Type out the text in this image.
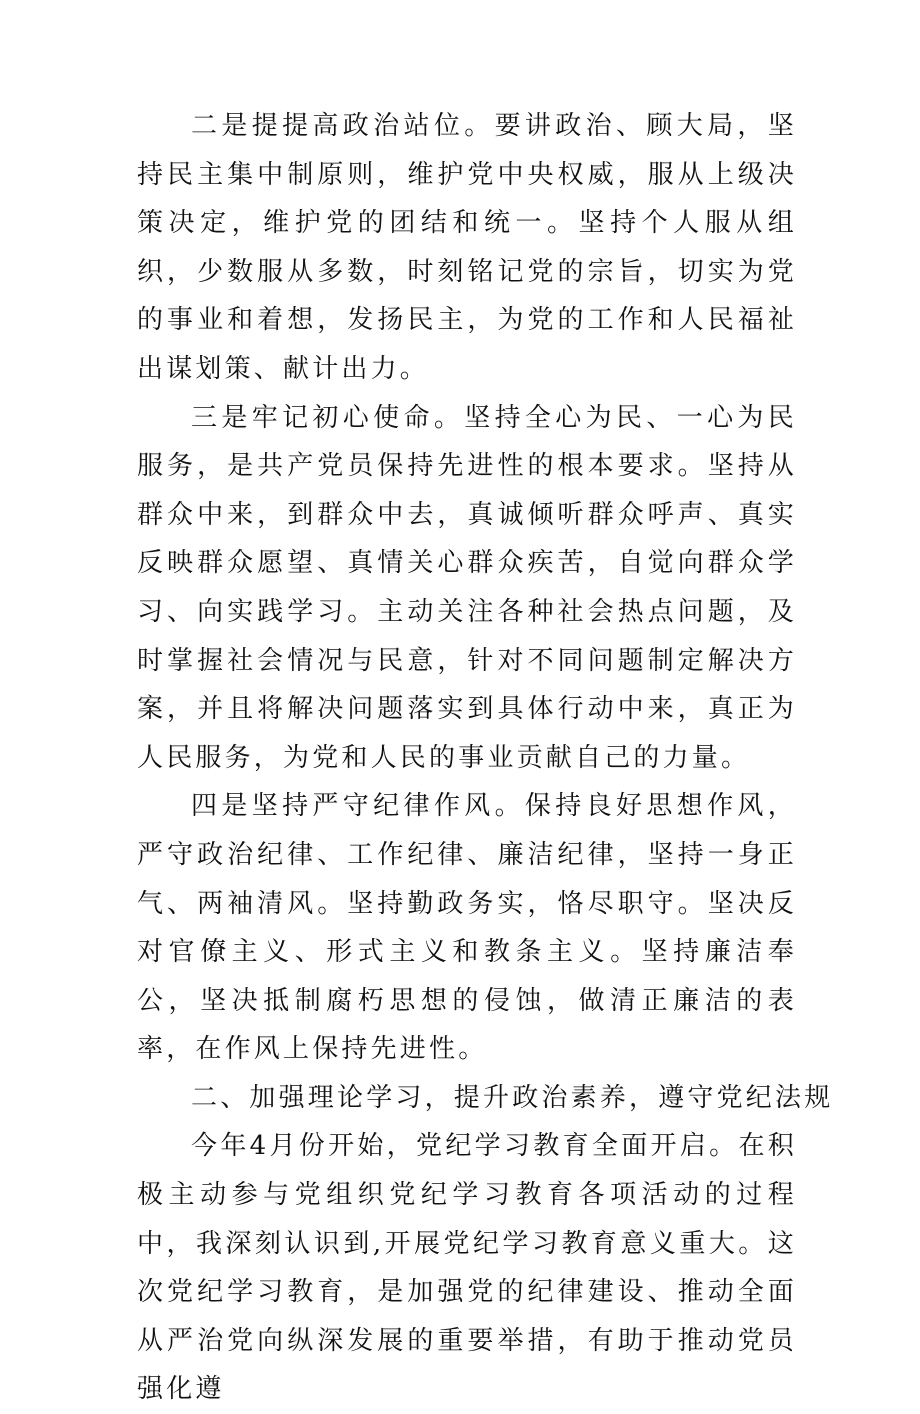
二是提提高政治站位。要讲政治、顾大局，坚持民主集中制原则，维护党中央权威，服从上级决策决定，维护党的团结和统一。坚持个人服从组织，少数服从多数，时刻铭记党的宗旨，切实为党的事业和着想，发扬民主，为党的工作和人民福祉出谋划策、献计出力。

三是牢记初心使命。坚持全心为民、一心为民服务，是共产党员保持先进性的根本要求。坚持从群众中来，到群众中去，真诚倾听群众呼声、真实反映群众愿望、真情关心群众疾苦，自觉向群众学习、向实践学习。主动关注各种社会热点问题，及时掌握社会情况与民意，针对不同问题制定解决方案，并且将解决问题落实到具体行动中来，真正为人民服务，为党和人民的事业贡献自己的力量。

四是坚持严守纪律作风。保持良好思想作风，严守政治纪律、工作纪律、廉洁纪律，坚持一身正气、两袖清风。坚持勤政务实，恪尽职守。坚决反对官僚主义、形式主义和教条主义。坚持廉洁奉公，坚决抵制腐朽思想的侵蚀，做清正廉洁的表率，在作风上保持先进性。

二、加强理论学习，提升政治素养，遵守党纪法规

今年4月份开始，党纪学习教育全面开启。在积极主动参与党组织党纪学习教育各项活动的过程中，我深刻认识到,开展党纪学习教育意义重大。这次党纪学习教育，是加强党的纪律建设、推动全面从严治党向纵深发展的重要举措，有助于推动党员强化遵
